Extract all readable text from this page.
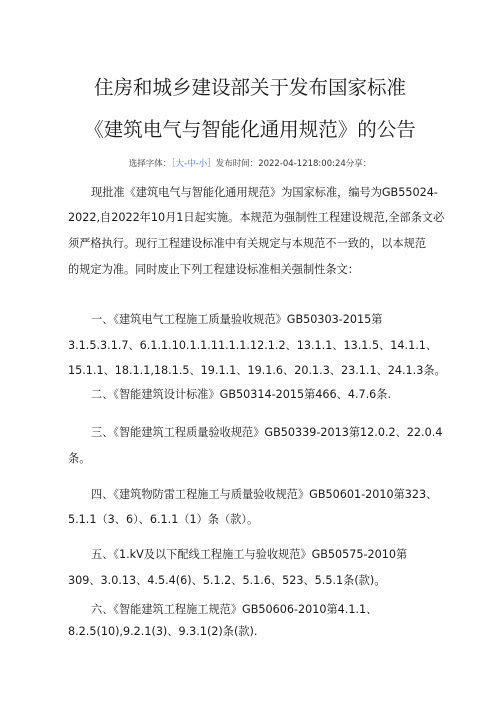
住房和城乡建设部关于发布国家标准
《建筑电气与智能化通用规范》的公告
选择字体：［大-中-小］发布时间：2022-04-1218:00:24分享：
现批准《建筑电气与智能化通用规范》为国家标准，编号为GB55024-
2022,自2022年10月1日起实施。本规范为强制性工程建设规范,全部条文必
须严格执行。现行工程建设标准中有关规定与本规范不一致的，以本规范
的规定为准。同时废止下列工程建设标准相关强制性条文：
一、《建筑电气工程施工质量验收规范》GB50303-2015第
3.1.5.3.1.7、6.1.1.10.1.1.11.1.1.12.1.2、13.1.1、13.1.5、14.1.1、
15.1.1、18.1.1,18.1.5、19.1.1、19.1.6、20.1.3、23.1.1、24.1.3条。
二、《智能建筑设计标准》GB50314-2015第466、4.7.6条.
三、《智能建筑工程质量验收规范》GB50339-2013第12.0.2、22.0.4
条。
四、《建筑物防雷工程施工与质量验收规范》GB50601-2010第323、
5.1.1（3、6）、6.1.1（1）条（款）。
五、《1.kV及以下配线工程施工与验收规范》GB50575-2010第
309、3.0.13、4.5.4(6)、5.1.2、5.1.6、523、5.5.1条(款)。
六、《智能建筑工程施工规范》GB50606-2010第4.1.1、
8.2.5(10),9.2.1(3)、9.3.1(2)条(款).
